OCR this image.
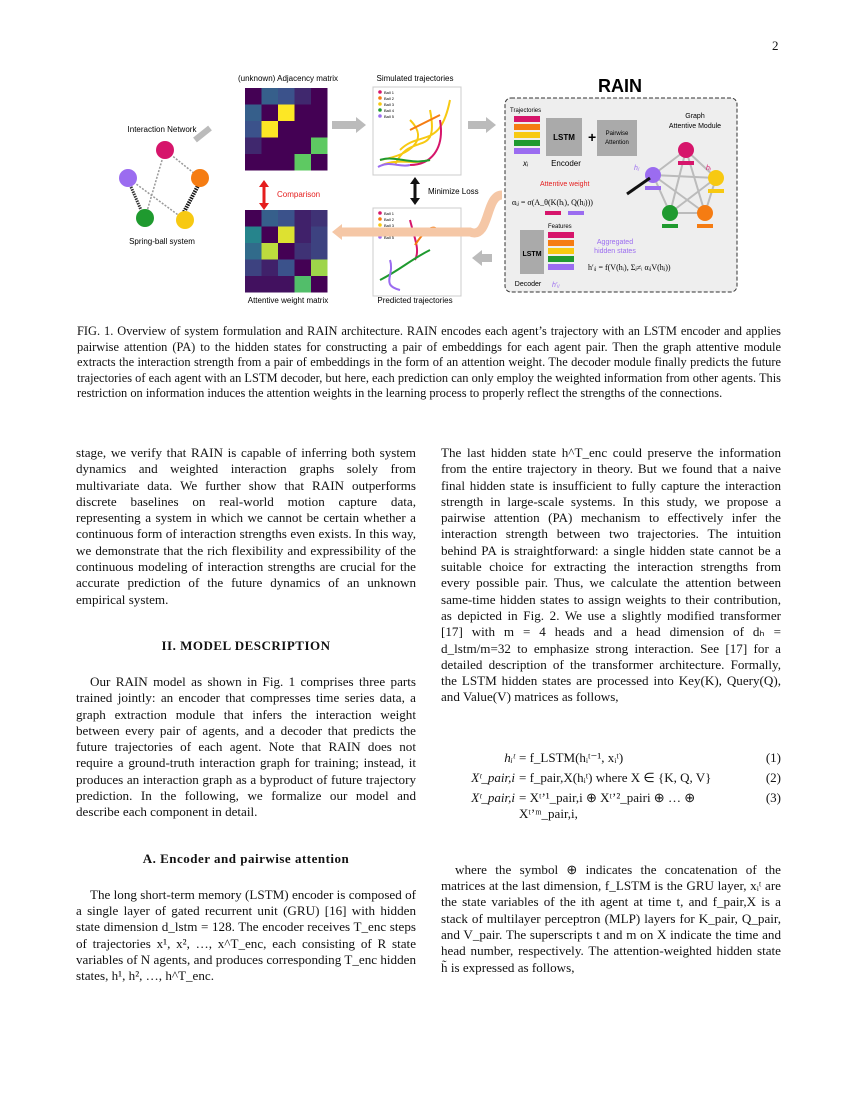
2
Interaction Network
Spring-ball system
(unknown) Adjacency matrix
Attentive weight matrix
Comparison
Simulated trajectories
Ball 1
Ball 2
Ball 3
Ball 4
Ball 5
Predicted trajectories
Ball 1
Ball 2
Ball 3
Ball 4
Ball 5
Minimize Loss
RAIN
Trajectories
xᵢ
LSTM
Encoder
+ Pairwise
Attention
Graph
Attentive Module
hᵢ
hⱼ
Attentive weight
αᵢⱼ = σ(A_θ(K(hᵢ), Q(hⱼ)))
LSTM
Decoder
Features
h′ᵢⱼ
Aggregated
hidden states
h′ᵢⱼ = f(V(hᵢ), Σⱼ≠ᵢ αᵢⱼV(hⱼ))
FIG. 1. Overview of system formulation and RAIN architecture. RAIN encodes each agent’s trajectory with an LSTM encoder and applies pairwise attention (PA) to the hidden states for constructing a pair of embeddings for each agent pair. Then the graph attentive module extracts the interaction strength from a pair of embeddings in the form of an attention weight. The decoder module finally predicts the future trajectories of each agent with an LSTM decoder, but here, each prediction can only employ the weighted information from other agents. This restriction on information induces the attention weights in the learning process to properly reflect the strengths of the connections.
stage, we verify that RAIN is capable of inferring both system dynamics and weighted interaction graphs solely from multivariate data. We further show that RAIN outperforms discrete baselines on real-world motion capture data, representing a system in which we cannot be certain whether a continuous form of interaction strengths even exists. In this way, we demonstrate that the rich flexibility and expressibility of the continuous modeling of interaction strengths are crucial for the accurate prediction of the future dynamics of an unknown empirical system.
II. MODEL DESCRIPTION
Our RAIN model as shown in Fig. 1 comprises three parts trained jointly: an encoder that compresses time series data, a graph extraction module that infers the interaction weight between every pair of agents, and a decoder that predicts the future trajectories of each agent. Note that RAIN does not require a ground-truth interaction graph for training; instead, it produces an interaction graph as a byproduct of future trajectory prediction. In the following, we formalize our model and describe each component in detail.
A. Encoder and pairwise attention
The long short-term memory (LSTM) encoder is composed of a single layer of gated recurrent unit (GRU) [16] with hidden state dimension d_lstm = 128. The encoder receives T_enc steps of trajectories x¹, x², …, x^T_enc, each consisting of R state variables of N agents, and produces corresponding T_enc hidden states, h¹, h², …, h^T_enc.
The last hidden state h^T_enc could preserve the information from the entire trajectory in theory. But we found that a naive final hidden state is insufficient to fully capture the interaction strength in large-scale systems. In this study, we propose a pairwise attention (PA) mechanism to effectively infer the interaction strength between two trajectories. The intuition behind PA is straightforward: a single hidden state cannot be a suitable choice for extracting the interaction strengths from every possible pair. Thus, we calculate the attention between same-time hidden states to assign weights to their contribution, as depicted in Fig. 2. We use a slightly modified transformer [17] with m = 4 heads and a head dimension of dₕ = d_lstm/m=32 to emphasize strong interaction. See [17] for a detailed description of the transformer architecture. Formally, the LSTM hidden states are processed into Key(K), Query(Q), and Value(V) matrices as follows,
hᵢᵗ = f_LSTM(hᵢᵗ⁻¹, xᵢᵗ)	(1)
Xᵗ_pair,i = f_pair,X(hᵢᵗ) where X ∈ {K, Q, V}	(2)
Xᵗ_pair,i = Xᵗ’¹_pair,i ⊕ Xᵗ’²_pairi ⊕ … ⊕ Xᵗ’ᵐ_pair,i,
(3)
where the symbol ⊕ indicates the concatenation of the matrices at the last dimension, f_LSTM is the GRU layer, xᵢᵗ are the state variables of the ith agent at time t, and f_pair,X is a stack of multilayer perceptron (MLP) layers for K_pair, Q_pair, and V_pair. The superscripts t and m on X indicate the time and head number, respectively. The attention-weighted hidden state h̃ is expressed as follows,
